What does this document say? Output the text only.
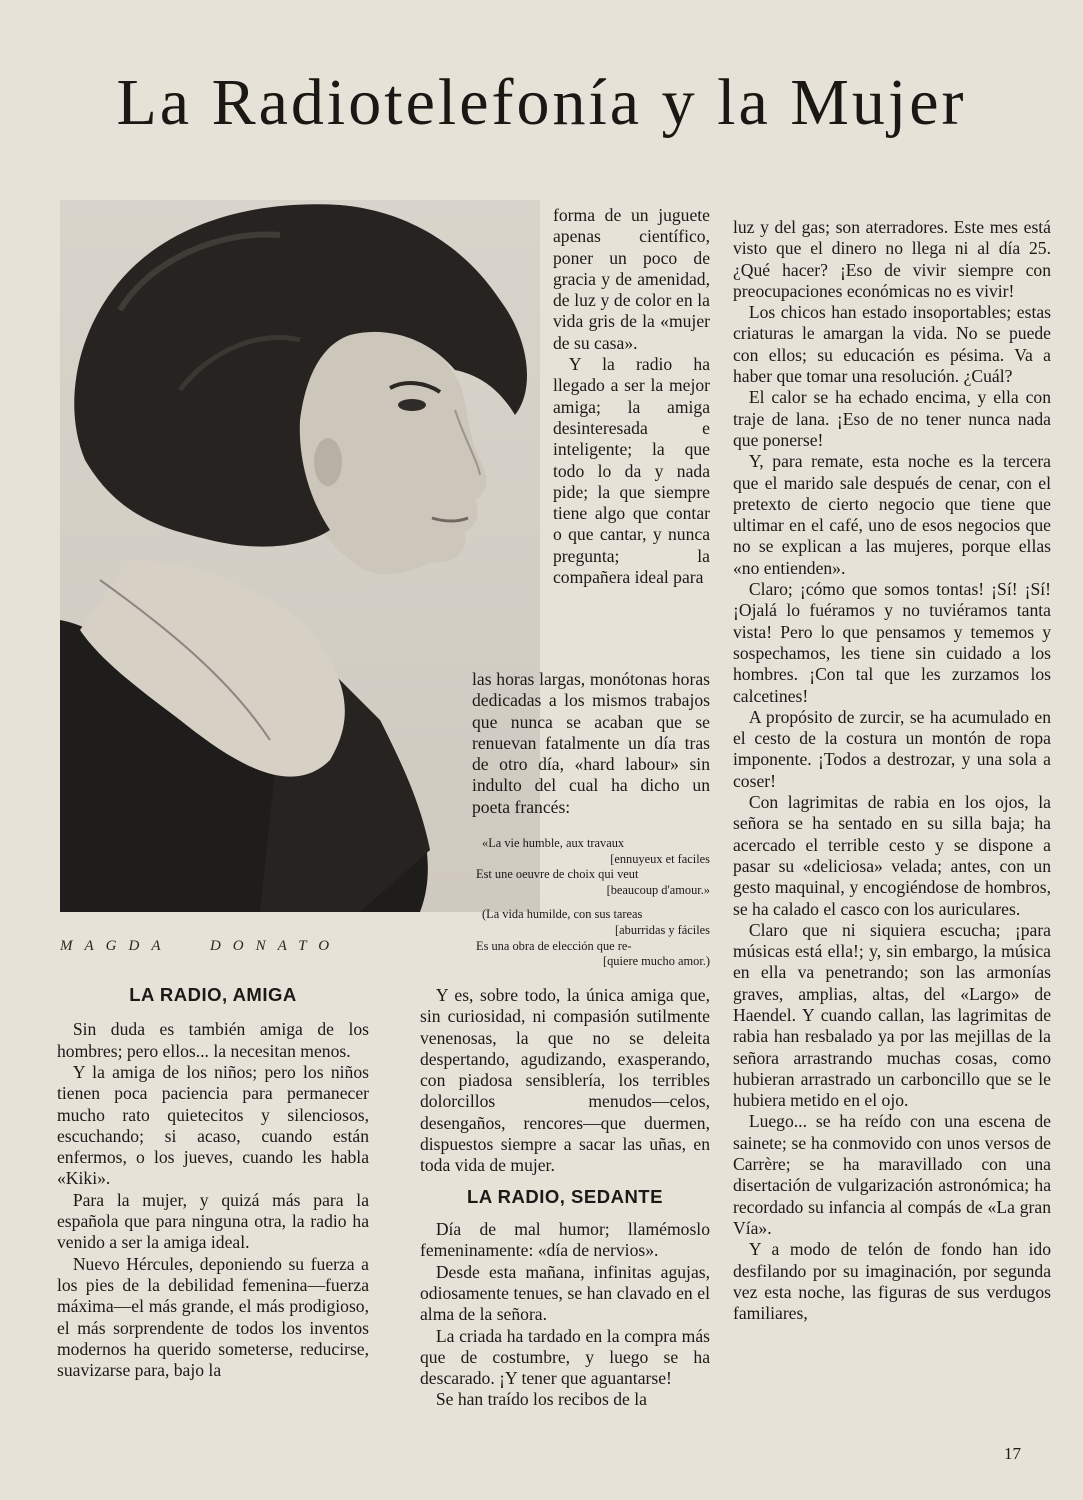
La Radiotelefonía y la Mujer
MAGDA DONATO

forma de un juguete apenas científico, poner un poco de gracia y de amenidad, de luz y de color en la vida gris de la «mujer de su casa».

Y la radio ha llegado a ser la mejor amiga; la amiga desinteresada e inteligente; la que todo lo da y nada pide; la que siempre tiene algo que contar o que cantar, y nunca pregunta; la compañera ideal para

las horas largas, monótonas horas dedicadas a los mismos trabajos que nunca se acaban que se renuevan fatalmente un día tras de otro día, «hard labour» sin indulto del cual ha dicho un poeta francés:

«La vie humble, aux travaux
[ennuyeux et faciles
Est une oeuvre de choix qui veut
[beaucoup d'amour.»
(La vida humilde, con sus tareas
[aburridas y fáciles
Es una obra de elección que re-
[quiere mucho amor.)

luz y del gas; son aterradores. Este mes está visto que el dinero no llega ni al día 25. ¿Qué hacer? ¡Eso de vivir siempre con preocupaciones económicas no es vivir!

Los chicos han estado insoportables; estas criaturas le amargan la vida. No se puede con ellos; su educación es pésima. Va a haber que tomar una resolución. ¿Cuál?

El calor se ha echado encima, y ella con traje de lana. ¡Eso de no tener nunca nada que ponerse!

Y, para remate, esta noche es la tercera que el marido sale después de cenar, con el pretexto de cierto negocio que tiene que ultimar en el café, uno de esos negocios que no se explican a las mujeres, porque ellas «no entienden».

Claro; ¡cómo que somos tontas! ¡Sí! ¡Sí! ¡Ojalá lo fuéramos y no tuviéramos tanta vista! Pero lo que pensamos y tememos y sospechamos, les tiene sin cuidado a los hombres. ¡Con tal que les zurzamos los calcetines!

A propósito de zurcir, se ha acumulado en el cesto de la costura un montón de ropa imponente. ¡Todos a destrozar, y una sola a coser!

Con lagrimitas de rabia en los ojos, la señora se ha sentado en su silla baja; ha acercado el terrible cesto y se dispone a pasar su «deliciosa» velada; antes, con un gesto maquinal, y encogiéndose de hombros, se ha calado el casco con los auriculares.

Claro que ni siquiera escucha; ¡para músicas está ella!; y, sin embargo, la música en ella va penetrando; son las armonías graves, amplias, altas, del «Largo» de Haendel. Y cuando callan, las lagrimitas de rabia han resbalado ya por las mejillas de la señora arrastrando muchas cosas, como hubieran arrastrado un carboncillo que se le hubiera metido en el ojo.

Luego... se ha reído con una escena de sainete; se ha conmovido con unos versos de Carrère; se ha maravillado con una disertación de vulgarización astronómica; ha recordado su infancia al compás de «La gran Vía».

Y a modo de telón de fondo han ido desfilando por su imaginación, por segunda vez esta noche, las figuras de sus verdugos familiares,

LA RADIO, AMIGA

Sin duda es también amiga de los hombres; pero ellos... la necesitan menos.

Y la amiga de los niños; pero los niños tienen poca paciencia para permanecer mucho rato quietecitos y silenciosos, escuchando; si acaso, cuando están enfermos, o los jueves, cuando les habla «Kiki».

Para la mujer, y quizá más para la española que para ninguna otra, la radio ha venido a ser la amiga ideal.

Nuevo Hércules, deponiendo su fuerza a los pies de la debilidad femenina—fuerza máxima—el más grande, el más prodigioso, el más sorprendente de todos los inventos modernos ha querido someterse, reducirse, suavizarse para, bajo la

Y es, sobre todo, la única amiga que, sin curiosidad, ni compasión sutilmente venenosas, la que no se deleita despertando, agudizando, exasperando, con piadosa sensiblería, los terribles dolorcillos menudos—celos, desengaños, rencores—que duermen, dispuestos siempre a sacar las uñas, en toda vida de mujer.

LA RADIO, SEDANTE

Día de mal humor; llamémoslo femeninamente: «día de nervios».

Desde esta mañana, infinitas agujas, odiosamente tenues, se han clavado en el alma de la señora.

La criada ha tardado en la compra más que de costumbre, y luego se ha descarado. ¡Y tener que aguantarse!

Se han traído los recibos de la

17
